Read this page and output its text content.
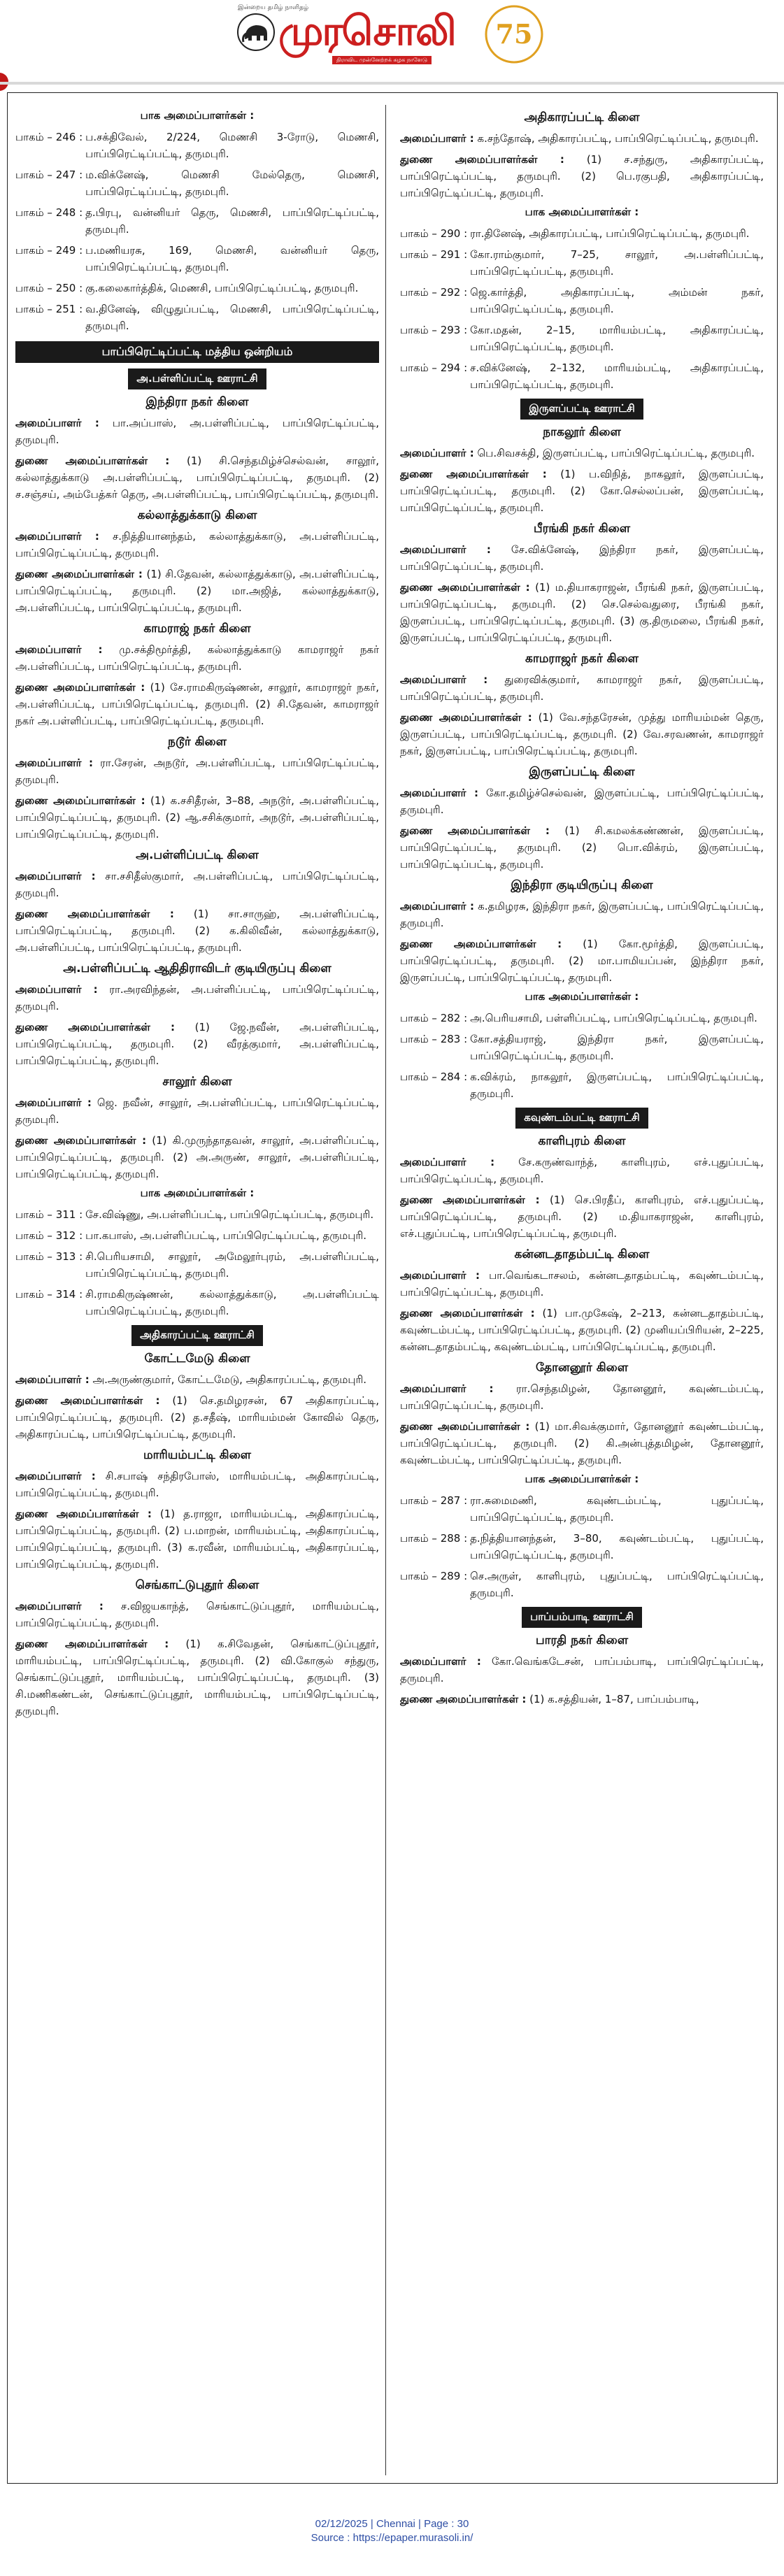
இன்றைய தமிழ் நாளிதழ்
முரசொலி
திராவிட முன்னேற்றக் கழக நாளேடு
75
பாக அமைப்பாளர்கள் :
பாகம் – 246 : ப.சக்திவேல், 2/224, மெணசி 3-ரோடு, மெணசி, பாப்பிரெட்டிப்பட்டி, தருமபுரி.
பாகம் – 247 : ம.விக்னேஷ், மெணசி மேல்தெரு, மெணசி, பாப்பிரெட்டிப்பட்டி, தருமபுரி.
பாகம் – 248 : த.பிரபு, வன்னியர் தெரு, மெணசி, பாப்பிரெட்டிப்பட்டி, தருமபுரி.
பாகம் – 249 : ப.மணியரசு, 169, மெணசி, வன்னியர் தெரு, பாப்பிரெட்டிப்பட்டி, தருமபுரி.
பாகம் – 250 : கு.கலைகார்த்திக், மெணசி, பாப்பிரெட்டிப்பட்டி, தருமபுரி.
பாகம் – 251 : வ.தினேஷ், விழுதுப்பட்டி, மெணசி, பாப்பிரெட்டிப்பட்டி, தருமபுரி.
பாப்பிரெட்டிப்பட்டி மத்திய ஒன்றியம்
அ.பள்ளிப்பட்டி ஊராட்சி
இந்திரா நகர் கிளை

அமைப்பாளர் : பா.அப்பாஸ், அ.பள்ளிப்பட்டி, பாப்பிரெட்டிப்பட்டி, தருமபுரி.

துணை அமைப்பாளர்கள் : (1) சி.செந்தமிழ்ச்செல்வன், சாலூர், கல்லாத்துக்காடு அ.பள்ளிப்பட்டி, பாப்பிரெட்டிப்பட்டி, தருமபுரி. (2) ச.சஞ்சய், அம்பேத்கர் தெரு, அ.பள்ளிப்பட்டி, பாப்பிரெட்டிப்பட்டி, தருமபுரி.

கல்லாத்துக்காடு கிளை

அமைப்பாளர் : ச.நித்தியானந்தம், கல்லாத்துக்காடு, அ.பள்ளிப்பட்டி, பாப்பிரெட்டிப்பட்டி, தருமபுரி.

துணை அமைப்பாளர்கள் : (1) சி.தேவன், கல்லாத்துக்காடு, அ.பள்ளிப்பட்டி, பாப்பிரெட்டிப்பட்டி, தருமபுரி. (2) மா.அஜித், கல்லாத்துக்காடு, அ.பள்ளிப்பட்டி, பாப்பிரெட்டிப்பட்டி, தருமபுரி.

காமராஜ் நகர் கிளை

அமைப்பாளர் : மு.சக்திமூர்த்தி, கல்லாத்துக்காடு காமராஜர் நகர் அ.பள்ளிப்பட்டி, பாப்பிரெட்டிப்பட்டி, தருமபுரி.

துணை அமைப்பாளர்கள் : (1) சே.ராமகிருஷ்ணன், சாலூர், காமராஜர் நகர், அ.பள்ளிப்பட்டி, பாப்பிரெட்டிப்பட்டி, தருமபுரி. (2) சி.தேவன், காமராஜர் நகர் அ.பள்ளிப்பட்டி, பாப்பிரெட்டிப்பட்டி, தருமபுரி.

நடூர் கிளை

அமைப்பாளர் : ரா.சேரன், அநடூர், அ.பள்ளிப்பட்டி, பாப்பிரெட்டிப்பட்டி, தருமபுரி.

துணை அமைப்பாளர்கள் : (1) க.சசிதீரன், 3–88, அநடூர், அ.பள்ளிப்பட்டி, பாப்பிரெட்டிப்பட்டி, தருமபுரி. (2) ஆ.சசிக்குமார், அநடூர், அ.பள்ளிப்பட்டி, பாப்பிரெட்டிப்பட்டி, தருமபுரி.

அ.பள்ளிப்பட்டி கிளை

அமைப்பாளர் : சா.சசிதீஸ்குமார், அ.பள்ளிப்பட்டி, பாப்பிரெட்டிப்பட்டி, தருமபுரி.

துணை அமைப்பாளர்கள் : (1) சா.சாருஹ், அ.பள்ளிப்பட்டி, பாப்பிரெட்டிப்பட்டி, தருமபுரி. (2) க.கிலிவீன், கல்லாத்துக்காடு, அ.பள்ளிப்பட்டி, பாப்பிரெட்டிப்பட்டி, தருமபுரி.

அ.பள்ளிப்பட்டி ஆதிதிராவிடர் குடியிருப்பு கிளை

அமைப்பாளர் : ரா.அரவிந்தன், அ.பள்ளிப்பட்டி, பாப்பிரெட்டிப்பட்டி, தருமபுரி.

துணை அமைப்பாளர்கள் : (1) ஜே.நவீன், அ.பள்ளிப்பட்டி, பாப்பிரெட்டிப்பட்டி, தருமபுரி. (2) வீரத்குமார், அ.பள்ளிப்பட்டி, பாப்பிரெட்டிப்பட்டி, தருமபுரி.

சாலூர் கிளை

அமைப்பாளர் : ஜெ. நவீன், சாலூர், அ.பள்ளிப்பட்டி, பாப்பிரெட்டிப்பட்டி, தருமபுரி.

துணை அமைப்பாளர்கள் : (1) கி.முருந்தாதவன், சாலூர், அ.பள்ளிப்பட்டி, பாப்பிரெட்டிப்பட்டி, தருமபுரி. (2) அ.அருண், சாலூர், அ.பள்ளிப்பட்டி, பாப்பிரெட்டிப்பட்டி, தருமபுரி.

பாக அமைப்பாளர்கள் :
பாகம் – 311 : சே.விஷ்ணு, அ.பள்ளிப்பட்டி, பாப்பிரெட்டிப்பட்டி, தருமபுரி.
பாகம் – 312 : பா.கபாஸ், அ.பள்ளிப்பட்டி, பாப்பிரெட்டிப்பட்டி, தருமபுரி.
பாகம் – 313 : சி.பெரியசாமி, சாலூர், அமேலூர்புரம், அ.பள்ளிப்பட்டி, பாப்பிரெட்டிப்பட்டி, தருமபுரி.
பாகம் – 314 : சி.ராமகிருஷ்ணன், கல்லாத்துக்காடு, அ.பள்ளிப்பட்டி பாப்பிரெட்டிப்பட்டி, தருமபுரி.
அதிகாரப்பட்டி ஊராட்சி
கோட்டமேடு கிளை

அமைப்பாளர் : அ.அருண்குமார், கோட்டமேடு, அதிகாரப்பட்டி, தருமபுரி.

துணை அமைப்பாளர்கள் : (1) செ.தமிழரசன், 67 அதிகாரப்பட்டி, பாப்பிரெட்டிப்பட்டி, தருமபுரி. (2) த.சதீஷ், மாரியம்மன் கோவில் தெரு, அதிகாரப்பட்டி, பாப்பிரெட்டிப்பட்டி, தருமபுரி.

மாரியம்பட்டி கிளை

அமைப்பாளர் : சி.சபாஷ் சந்திரபோஸ், மாரியம்பட்டி, அதிகாரப்பட்டி, பாப்பிரெட்டிப்பட்டி, தருமபுரி.

துணை அமைப்பாளர்கள் : (1) த.ராஜா, மாரியம்பட்டி, அதிகாரப்பட்டி, பாப்பிரெட்டிப்பட்டி, தருமபுரி. (2) ப.மாறன், மாரியம்பட்டி, அதிகாரப்பட்டி, பாப்பிரெட்டிப்பட்டி, தருமபுரி. (3) க.ரவீன், மாரியம்பட்டி, அதிகாரப்பட்டி, பாப்பிரெட்டிப்பட்டி, தருமபுரி.

செங்காட்டுபுதூர் கிளை

அமைப்பாளர் : ச.விஜயகாந்த், செங்காட்டுப்புதூர், மாரியம்பட்டி, பாப்பிரெட்டிப்பட்டி, தருமபுரி.

துணை அமைப்பாளர்கள் : (1) க.சிவேதன், செங்காட்டுப்புதூர், மாரியம்பட்டி, பாப்பிரெட்டிப்பட்டி, தருமபுரி. (2) வி.கோகுல் சந்துரு, செங்காட்டுப்புதூர், மாரியம்பட்டி, பாப்பிரெட்டிப்பட்டி, தருமபுரி. (3) சி.மணிகண்டன், செங்காட்டுப்புதூர், மாரியம்பட்டி, பாப்பிரெட்டிப்பட்டி, தருமபுரி.

அதிகாரப்பட்டி கிளை

அமைப்பாளர் : க.சந்தோஷ், அதிகாரப்பட்டி, பாப்பிரெட்டிப்பட்டி, தருமபுரி.

துணை அமைப்பாளர்கள் : (1) ச.சந்துரு, அதிகாரப்பட்டி, பாப்பிரெட்டிப்பட்டி, தருமபுரி. (2) பெ.ரகுபதி, அதிகாரப்பட்டி, பாப்பிரெட்டிப்பட்டி, தருமபுரி.

பாக அமைப்பாளர்கள் :
பாகம் – 290 : ரா.தினேஷ், அதிகாரப்பட்டி, பாப்பிரெட்டிப்பட்டி, தருமபுரி.
பாகம் – 291 : கோ.ராம்குமார், 7–25, சாலூர், அ.பள்ளிப்பட்டி, பாப்பிரெட்டிப்பட்டி, தருமபுரி.
பாகம் – 292 : ஜெ.கார்த்தி, அதிகாரப்பட்டி, அம்மன் நகர், பாப்பிரெட்டிப்பட்டி, தருமபுரி.
பாகம் – 293 : கோ.மதன், 2–15, மாரியம்பட்டி, அதிகாரப்பட்டி, பாப்பிரெட்டிப்பட்டி, தருமபுரி.
பாகம் – 294 : ச.விக்னேஷ், 2–132, மாரியம்பட்டி, அதிகாரப்பட்டி, பாப்பிரெட்டிப்பட்டி, தருமபுரி.
இருளப்பட்டி ஊராட்சி
நாகலூர் கிளை

அமைப்பாளர் : பெ.சிவசக்தி, இருளப்பட்டி, பாப்பிரெட்டிப்பட்டி, தருமபுரி.

துணை அமைப்பாளர்கள் : (1) ப.விநித், நாகலூர், இருளப்பட்டி, பாப்பிரெட்டிப்பட்டி, தருமபுரி. (2) கோ.செல்லப்பன், இருளப்பட்டி, பாப்பிரெட்டிப்பட்டி, தருமபுரி.

பீரங்கி நகர் கிளை

அமைப்பாளர் : சே.விக்னேஷ், இந்திரா நகர், இருளப்பட்டி, பாப்பிரெட்டிப்பட்டி, தருமபுரி.

துணை அமைப்பாளர்கள் : (1) ம.தியாகராஜன், பீரங்கி நகர், இருளப்பட்டி, பாப்பிரெட்டிப்பட்டி, தருமபுரி. (2) செ.செல்வதுரை, பீரங்கி நகர், இருளப்பட்டி, பாப்பிரெட்டிப்பட்டி, தருமபுரி. (3) கு.திருமலை, பீரங்கி நகர், இருளப்பட்டி, பாப்பிரெட்டிப்பட்டி, தருமபுரி.

காமராஜர் நகர் கிளை

அமைப்பாளர் : துரைவிக்குமார், காமராஜர் நகர், இருளப்பட்டி, பாப்பிரெட்டிப்பட்டி, தருமபுரி.

துணை அமைப்பாளர்கள் : (1) வே.சந்தரேசன், முத்து மாரியம்மன் தெரு, இருளப்பட்டி, பாப்பிரெட்டிப்பட்டி, தருமபுரி. (2) வே.சரவணன், காமராஜர் நகர், இருளப்பட்டி, பாப்பிரெட்டிப்பட்டி, தருமபுரி.

இருளப்பட்டி கிளை

அமைப்பாளர் : கோ.தமிழ்ச்செல்வன், இருளப்பட்டி, பாப்பிரெட்டிப்பட்டி, தருமபுரி.

துணை அமைப்பாளர்கள் : (1) சி.கமலக்கண்ணன், இருளப்பட்டி, பாப்பிரெட்டிப்பட்டி, தருமபுரி. (2) பொ.விக்ரம், இருளப்பட்டி, பாப்பிரெட்டிப்பட்டி, தருமபுரி.

இந்திரா குடியிருப்பு கிளை

அமைப்பாளர் : க.தமிழரசு, இந்திரா நகர், இருளப்பட்டி, பாப்பிரெட்டிப்பட்டி, தருமபுரி.

துணை அமைப்பாளர்கள் : (1) கோ.மூர்த்தி, இருளப்பட்டி, பாப்பிரெட்டிப்பட்டி, தருமபுரி. (2) மா.பாமியப்பன், இந்திரா நகர், இருளப்பட்டி, பாப்பிரெட்டிப்பட்டி, தருமபுரி.

பாக அமைப்பாளர்கள் :
பாகம் – 282 : அ.பெரியசாமி, பள்ளிப்பட்டி, பாப்பிரெட்டிப்பட்டி, தருமபுரி.
பாகம் – 283 : கோ.சத்தியராஜ், இந்திரா நகர், இருளப்பட்டி, பாப்பிரெட்டிப்பட்டி, தருமபுரி.
பாகம் – 284 : க.விக்ரம், நாகலூர், இருளப்பட்டி, பாப்பிரெட்டிப்பட்டி, தருமபுரி.
கவுண்டம்பட்டி ஊராட்சி
காளிபுரம் கிளை

அமைப்பாளர் : சே.கருண்வாந்த், காளிபுரம், எச்.புதுப்பட்டி, பாப்பிரெட்டிப்பட்டி, தருமபுரி.

துணை அமைப்பாளர்கள் : (1) செ.பிரதீப், காளிபுரம், எச்.புதுப்பட்டி, பாப்பிரெட்டிப்பட்டி, தருமபுரி. (2) ம.தியாகராஜன், காளிபுரம், எச்.புதுப்பட்டி, பாப்பிரெட்டிப்பட்டி, தருமபுரி.

கன்னடதாதம்பட்டி கிளை

அமைப்பாளர் : பா.வெங்கடாசலம், கன்னடதாதம்பட்டி, கவுண்டம்பட்டி, பாப்பிரெட்டிப்பட்டி, தருமபுரி.

துணை அமைப்பாளர்கள் : (1) பா.முகேஷ், 2–213, கன்னடதாதம்பட்டி, கவுண்டம்பட்டி, பாப்பிரெட்டிப்பட்டி, தருமபுரி. (2) முனியப்பிரியன், 2–225, கன்னடதாதம்பட்டி, கவுண்டம்பட்டி, பாப்பிரெட்டிப்பட்டி, தருமபுரி.

தோனனூர் கிளை

அமைப்பாளர் : ரா.செந்தமிழன், தோனனூர், கவுண்டம்பட்டி, பாப்பிரெட்டிப்பட்டி, தருமபுரி.

துணை அமைப்பாளர்கள் : (1) மா.சிவக்குமார், தோனனூர் கவுண்டம்பட்டி, பாப்பிரெட்டிப்பட்டி, தருமபுரி. (2) கி.அன்புத்தமிழன், தோனனூர், கவுண்டம்பட்டி, பாப்பிரெட்டிப்பட்டி, தருமபுரி.

பாக அமைப்பாளர்கள் :
பாகம் – 287 : ரா.சுமைமணி, கவுண்டம்பட்டி, புதுப்பட்டி, பாப்பிரெட்டிப்பட்டி, தருமபுரி.
பாகம் – 288 : த.நித்தியானந்தன், 3–80, கவுண்டம்பட்டி, புதுப்பட்டி, பாப்பிரெட்டிப்பட்டி, தருமபுரி.
பாகம் – 289 : செ.அருள், காளிபுரம், புதுப்பட்டி, பாப்பிரெட்டிப்பட்டி, தருமபுரி.
பாப்பம்பாடி ஊராட்சி
பாரதி நகர் கிளை

அமைப்பாளர் : கோ.வெங்கடேசன், பாப்பம்பாடி, பாப்பிரெட்டிப்பட்டி, தருமபுரி.

துணை அமைப்பாளர்கள் : (1) க.சத்தியன், 1–87, பாப்பம்பாடி,

02/12/2025 | Chennai | Page : 30
Source : https://epaper.murasoli.in/
